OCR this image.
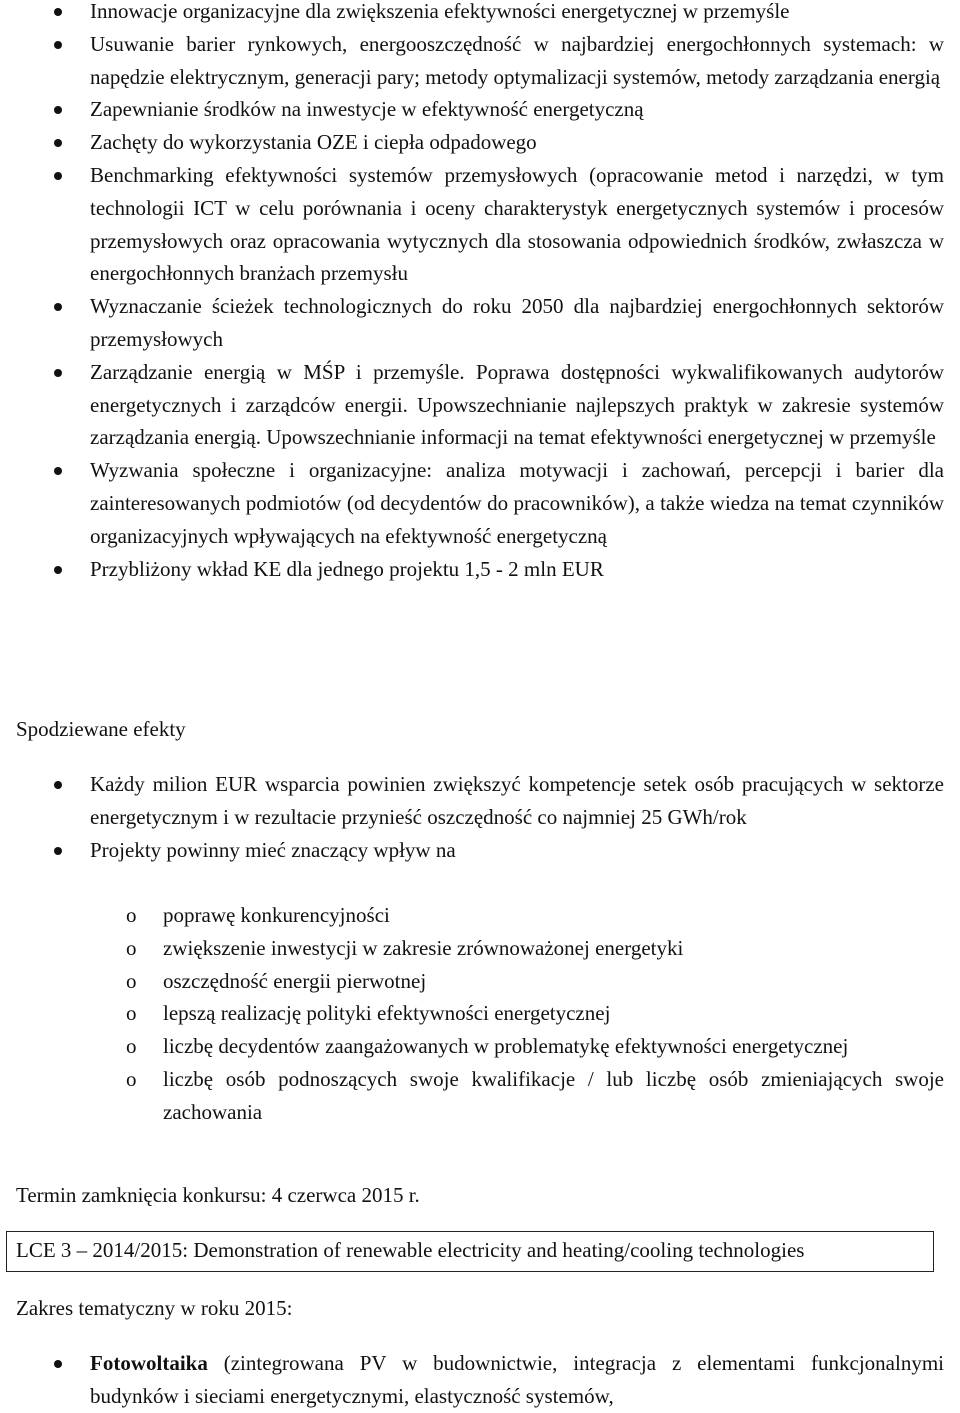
Innowacje organizacyjne dla zwiększenia efektywności energetycznej w przemyśle
Usuwanie barier rynkowych, energooszczędność w najbardziej energochłonnych systemach: w napędzie elektrycznym, generacji pary; metody optymalizacji systemów, metody zarządzania energią
Zapewnianie środków na inwestycje w efektywność energetyczną
Zachęty do wykorzystania OZE i ciepła odpadowego
Benchmarking efektywności systemów przemysłowych (opracowanie metod i narzędzi, w tym technologii ICT w celu porównania i oceny charakterystyk energetycznych systemów i procesów przemysłowych oraz opracowania wytycznych dla stosowania odpowiednich środków, zwłaszcza w energochłonnych branżach przemysłu
Wyznaczanie ścieżek technologicznych do roku 2050 dla najbardziej energochłonnych sektorów przemysłowych
Zarządzanie energią w MŚP i przemyśle. Poprawa dostępności wykwalifikowanych audytorów energetycznych i zarządców energii. Upowszechnianie najlepszych praktyk w zakresie systemów zarządzania energią. Upowszechnianie informacji na temat efektywności energetycznej w przemyśle
Wyzwania społeczne i organizacyjne: analiza motywacji i zachowań, percepcji i barier dla zainteresowanych podmiotów (od decydentów do pracowników), a także wiedza na temat czynników organizacyjnych wpływających na efektywność energetyczną
Przybliżony wkład KE dla jednego projektu 1,5 - 2 mln EUR
Spodziewane efekty
Każdy milion EUR wsparcia powinien zwiększyć kompetencje setek osób pracujących w sektorze energetycznym i w rezultacie przynieść oszczędność co najmniej 25 GWh/rok
Projekty powinny mieć znaczący wpływ na
o poprawę konkurencyjności
o zwiększenie inwestycji w zakresie zrównoważonej energetyki
o oszczędność energii pierwotnej
o lepszą realizację polityki efektywności energetycznej
o liczbę decydentów zaangażowanych w problematykę efektywności energetycznej
o liczbę osób podnoszących swoje kwalifikacje / lub liczbę osób zmieniających swoje zachowania
Termin zamknięcia konkursu: 4 czerwca 2015 r.
LCE 3 – 2014/2015: Demonstration of renewable electricity and heating/cooling technologies
Zakres tematyczny w roku 2015:
Fotowoltaika (zintegrowana PV w budownictwie, integracja z elementami funkcjonalnymi budynków i sieciami energetycznymi, elastyczność systemów,
